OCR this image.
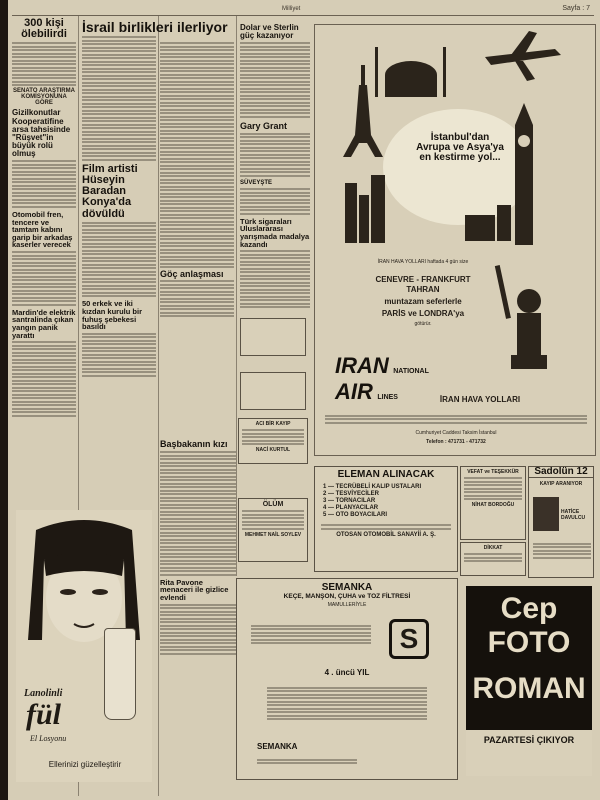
Milliyet	Sayfa : 7
300 kişi ölebilirdi
SENATO ARAŞTIRMA KOMİSYONUNA GÖRE
Gizilkonutlar Kooperatifine arsa tahsisinde "Rüşvet"in büyük rolü olmuş
Otomobil fren, tencere ve tamtam kabını garip bir arkadaş kaserler verecek
Mardin'de elektrik santralinda çıkan yangın panik yarattı
İsrail birlikleri ilerliyor
Film artisti Hüseyin Baradan Konya'da dövüldü
50 erkek ve iki kızdan kurulu bir fuhuş şebekesi basıldı
Başbakanın kızı
Rita Pavone menaceri ile gizlice evlendi
Dolar ve Sterlin güç kazanıyor
Gary Grant
SÜVEYŞTE
Türk sigaraları Uluslararası yarışmada madalya kazandı
Göç anlaşması
ACI BİR KAYIP
NACİ KURTUL
ÖLÜM
MEHMET NAİL SOYLEV
İstanbul'dan
Avrupa ve Asya'ya
en kestirme yol...
İRAN HAVA YOLLARI haftada 4 gün size
CENEVRE - FRANKFURT
TAHRAN
muntazam seferlerle
PARİS ve LONDRA'ya
götürür.
IRAN NATIONAL
AIR LINES	İRAN HAVA YOLLARI
Cumhuriyet Caddesi Taksim İstanbul
Telefon : 471731 - 471732
ELEMAN ALINACAK
1 — TECRÜBELİ KALIP USTALARI
2 — TESVİYECİLER
3 — TORNACILAR
4 — PLANYACILAR
5 — OTO BOYACILARI
OTOSAN OTOMOBİL SANAYİİ A. Ş.
VEFAT ve TEŞEKKÜR
NİHAT BORDOĞU
DİKKAT
Sadolün 12
KAYIP ARANIYOR
HATİCE DAVULCU
SEMANKA
KEÇE, MANŞON, ÇUHA ve TOZ FİLTRESİ
MAMULLERİYLE
S
4 . üncü YIL
SEMANKA
Cep
FOTO
ROMAN
PAZARTESİ ÇIKIYOR
Lanolinli
fül
El Losyonu
Ellerinizi güzelleştirir
